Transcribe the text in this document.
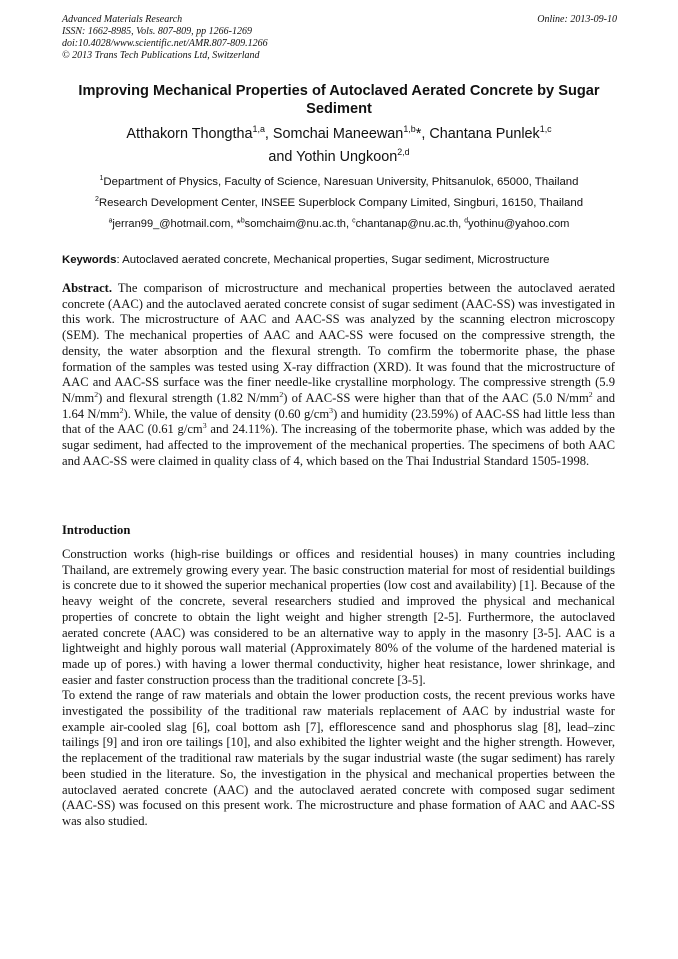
Advanced Materials Research
ISSN: 1662-8985, Vols. 807-809, pp 1266-1269
doi:10.4028/www.scientific.net/AMR.807-809.1266
© 2013 Trans Tech Publications Ltd, Switzerland
Online: 2013-09-10
Improving Mechanical Properties of Autoclaved Aerated Concrete by Sugar Sediment
Atthakorn Thongtha$^{1,a}$, Somchai Maneewan$^{1,b}$*, Chantana Punlek$^{1,c}$
and Yothin Ungkoon$^{2,d}$
$^1$Department of Physics, Faculty of Science, Naresuan University, Phitsanulok, 65000, Thailand
$^2$Research Development Center, INSEE Superblock Company Limited, Singburi, 16150, Thailand
$^a$jerran99_@hotmail.com, *$^b$somchaim@nu.ac.th, $^c$chantanap@nu.ac.th, $^d$yothinu@yahoo.com
Keywords: Autoclaved aerated concrete, Mechanical properties, Sugar sediment, Microstructure
Abstract. The comparison of microstructure and mechanical properties between the autoclaved aerated concrete (AAC) and the autoclaved aerated concrete consist of sugar sediment (AAC-SS) was investigated in this work. The microstructure of AAC and AAC-SS was analyzed by the scanning electron microscopy (SEM). The mechanical properties of AAC and AAC-SS were focused on the compressive strength, the density, the water absorption and the flexural strength. To comfirm the tobermorite phase, the phase formation of the samples was tested using X-ray diffraction (XRD). It was found that the microstructure of AAC and AAC-SS surface was the finer needle-like crystalline morphology. The compressive strength (5.9 $N/mm^2$) and flexural strength (1.82 $N/mm^2$) of AAC-SS were higher than that of the AAC (5.0 $N/mm^2$ and 1.64 $N/mm^2$). While, the value of density (0.60 $g/cm^3$) and humidity (23.59%) of AAC-SS had little less than that of the AAC (0.61 $g/cm^3$ and 24.11%). The increasing of the tobermorite phase, which was added by the sugar sediment, had affected to the improvement of the mechanical properties. The specimens of both AAC and AAC-SS were claimed in quality class of 4, which based on the Thai Industrial Standard 1505-1998.
Introduction

Construction works (high-rise buildings or offices and residential houses) in many countries including Thailand, are extremely growing every year. The basic construction material for most of residential buildings is concrete due to it showed the superior mechanical properties (low cost and availability) [1]. Because of the heavy weight of the concrete, several researchers studied and improved the physical and mechanical properties of concrete to obtain the light weight and higher strength [2-5]. Furthermore, the autoclaved aerated concrete (AAC) was considered to be an alternative way to apply in the masonry [3-5]. AAC is a lightweight and highly porous wall material (Approximately 80% of the volume of the hardened material is made up of pores.) with having a lower thermal conductivity, higher heat resistance, lower shrinkage, and easier and faster construction process than the traditional concrete [3-5].

To extend the range of raw materials and obtain the lower production costs, the recent previous works have investigated the possibility of the traditional raw materials replacement of AAC by industrial waste for example air-cooled slag [6], coal bottom ash [7], efflorescence sand and phosphorus slag [8], lead–zinc tailings [9] and iron ore tailings [10], and also exhibited the lighter weight and the higher strength. However, the replacement of the traditional raw materials by the sugar industrial waste (the sugar sediment) has rarely been studied in the literature. So, the investigation in the physical and mechanical properties between the autoclaved aerated concrete (AAC) and the autoclaved aerated concrete with composed sugar sediment (AAC-SS) was focused on this present work. The microstructure and phase formation of AAC and AAC-SS was also studied.
